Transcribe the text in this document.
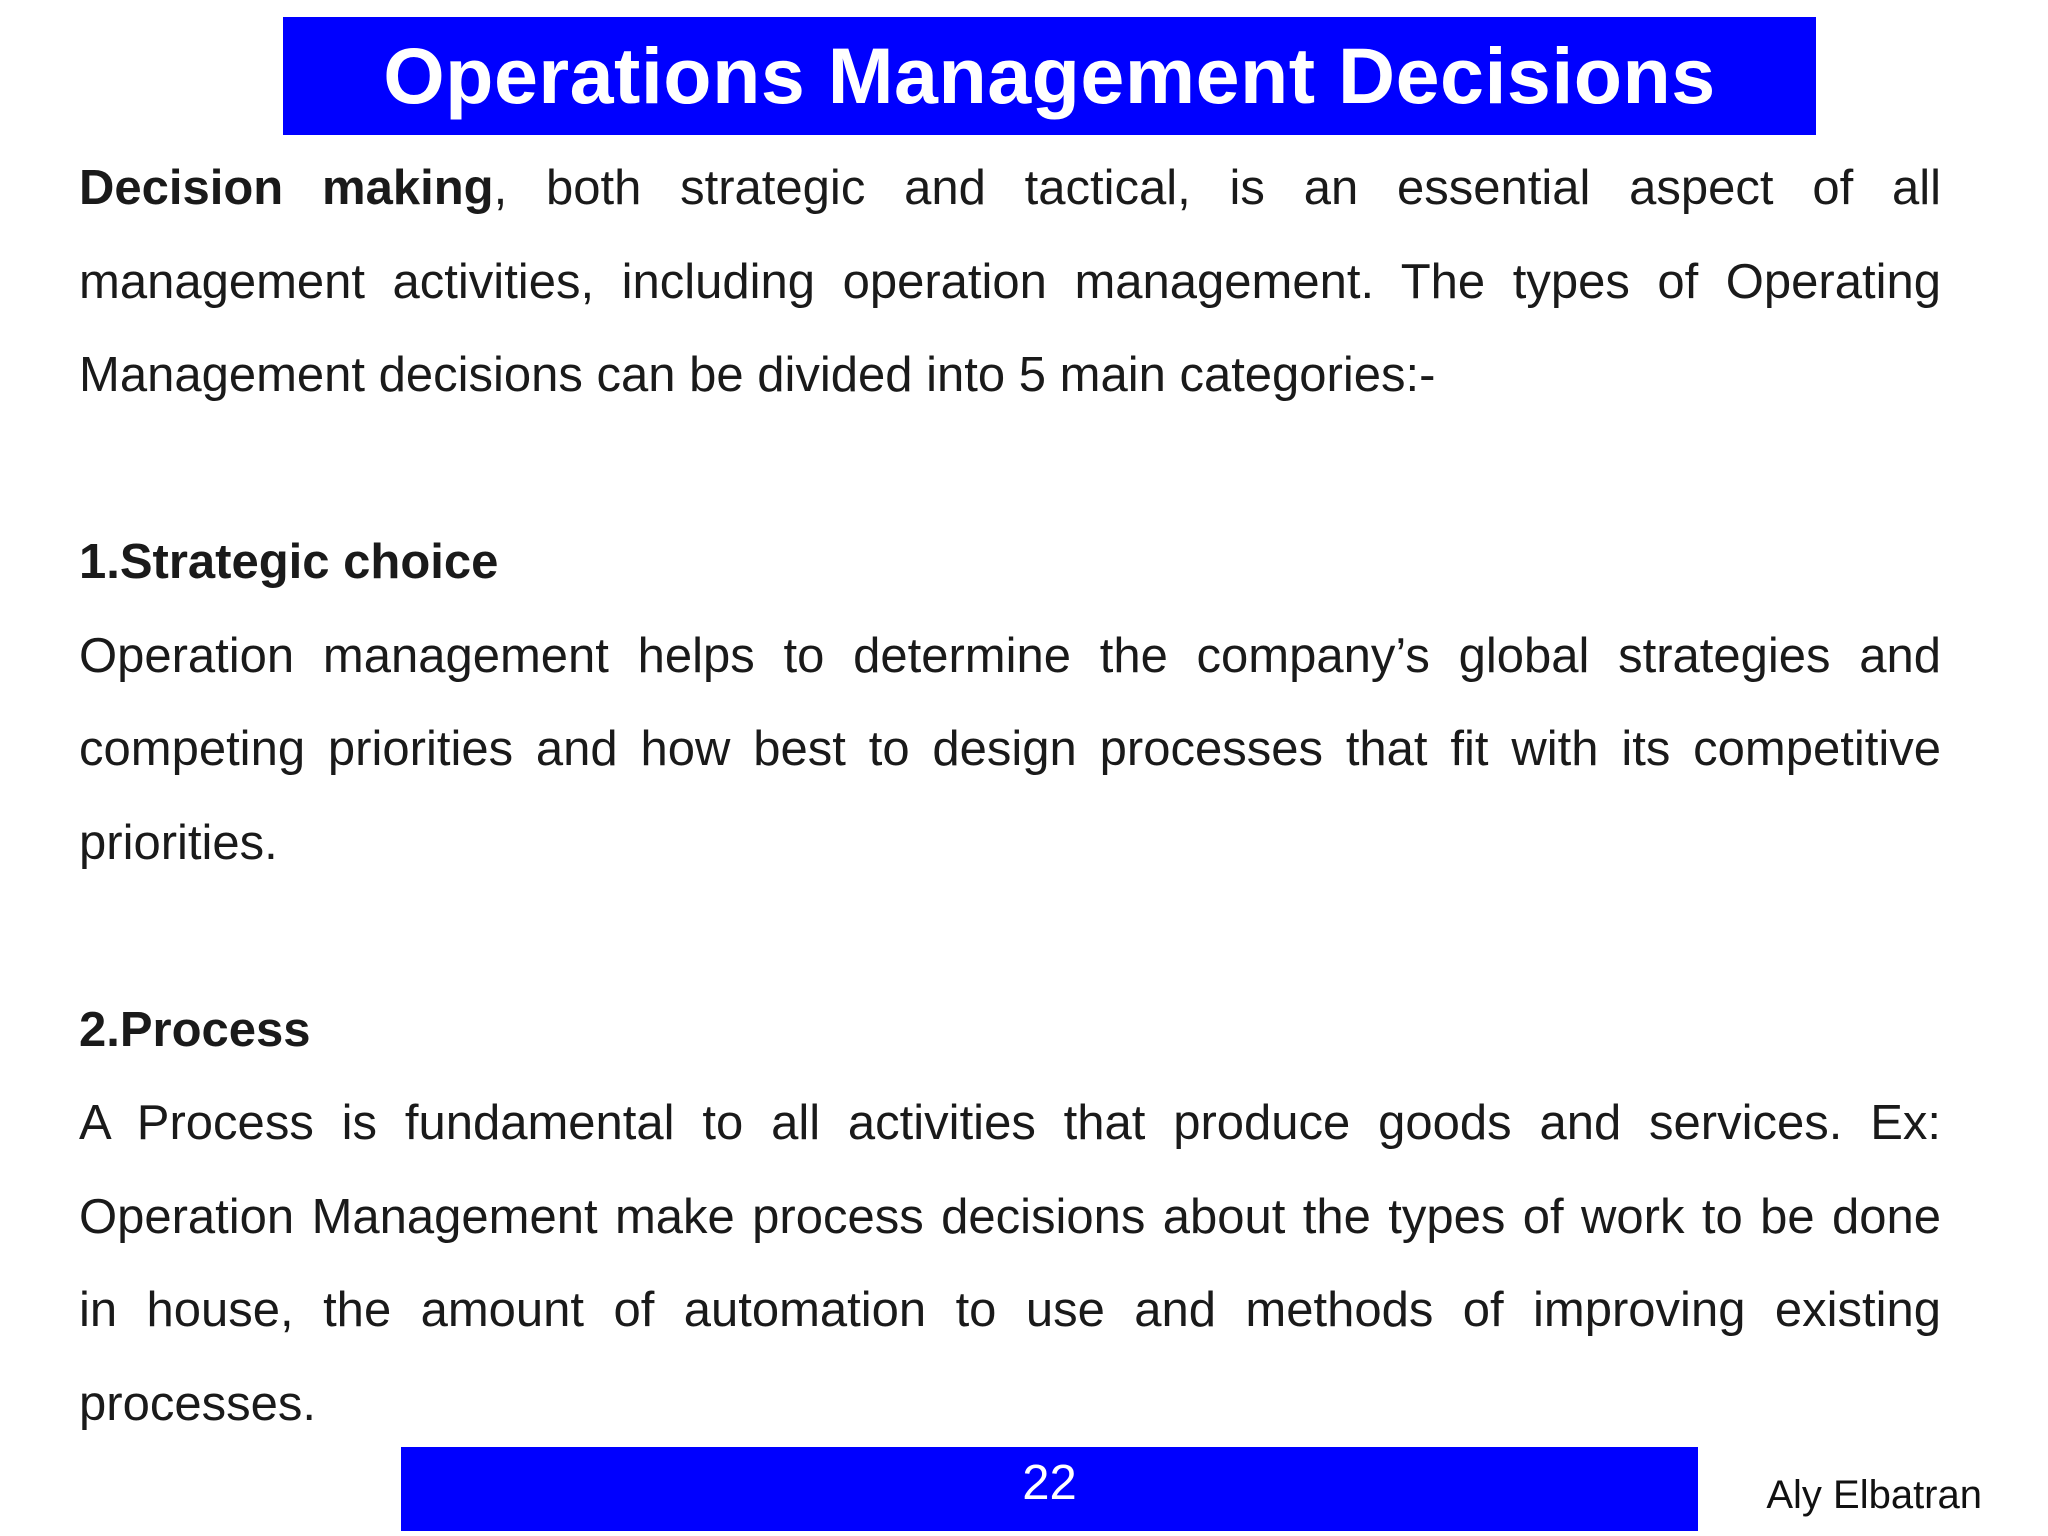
Operations Management Decisions

Decision making, both strategic and tactical, is an essential aspect of all management activities, including operation management. The types of Operating Management decisions can be divided into 5 main categories:-

1.Strategic choice

Operation management helps to determine the company’s global strategies and competing priorities and how best to design processes that fit with its competitive priorities.

2.Process

A Process is fundamental to all activities that produce goods and services. Ex: Operation Management make process decisions about the types of work to be done in house, the amount of automation to use and methods of improving existing processes.

22	Aly Elbatran
